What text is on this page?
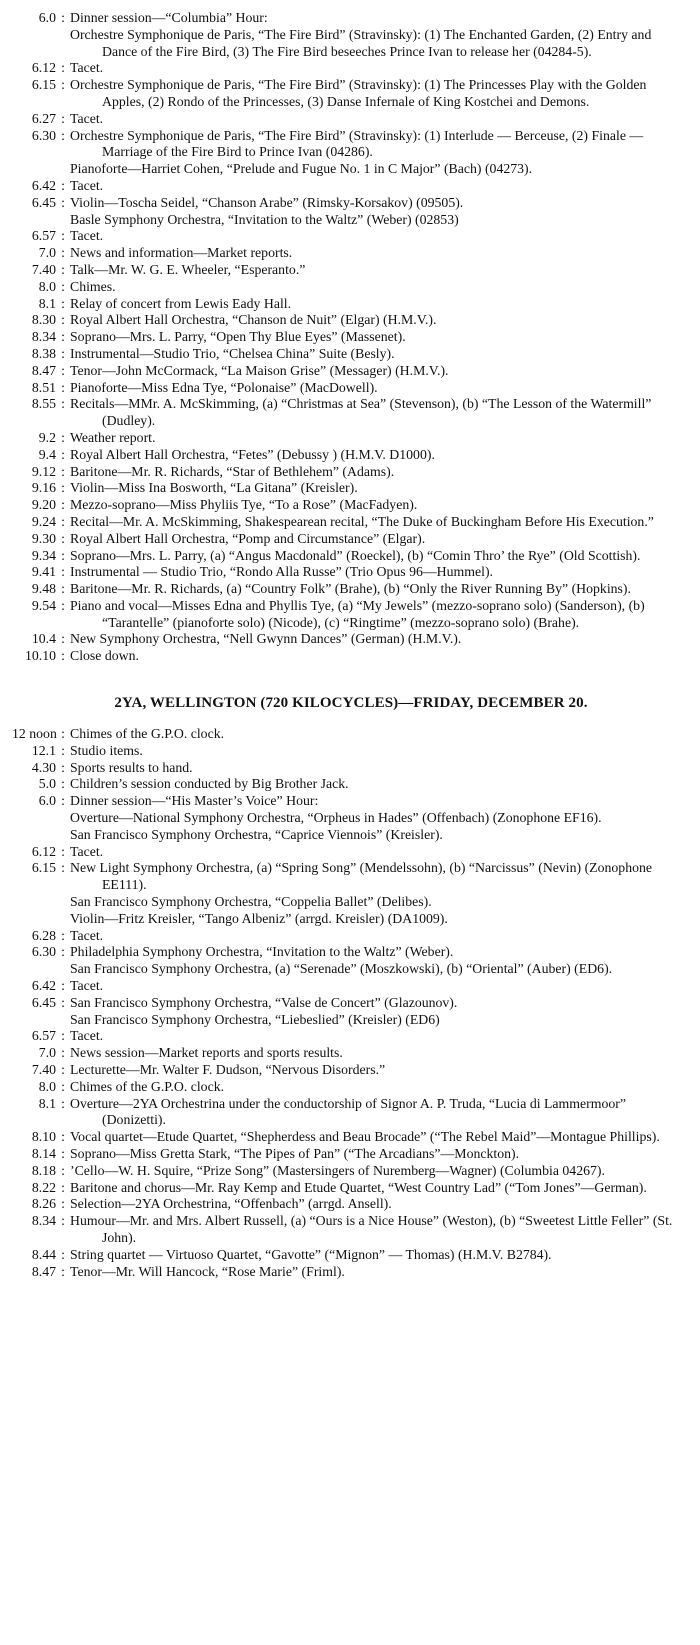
6.0 : Dinner session—“Columbia” Hour:
Orchestre Symphonique de Paris, “The Fire Bird” (Stravinsky): (1) The Enchanted Garden, (2) Entry and Dance of the Fire Bird, (3) The Fire Bird beseeches Prince Ivan to release her (04284-5).
6.12 : Tacet.
6.15 : Orchestre Symphonique de Paris, “The Fire Bird” (Stravinsky): (1) The Princesses Play with the Golden Apples, (2) Rondo of the Princesses, (3) Danse Infernale of King Kostchei and Demons.
6.27 : Tacet.
6.30 : Orchestre Symphonique de Paris, “The Fire Bird” (Stravinsky): (1) Interlude — Berceuse, (2) Finale — Marriage of the Fire Bird to Prince Ivan (04286).
Pianoforte—Harriet Cohen, “Prelude and Fugue No. 1 in C Major” (Bach) (04273).
6.42 : Tacet.
6.45 : Violin—Toscha Seidel, “Chanson Arabe” (Rimsky-Korsakov) (09505).
Basle Symphony Orchestra, “Invitation to the Waltz” (Weber) (02853)
6.57 : Tacet.
7.0 : News and information—Market reports.
7.40 : Talk—Mr. W. G. E. Wheeler, “Esperanto.”
8.0 : Chimes.
8.1 : Relay of concert from Lewis Eady Hall.
8.30 : Royal Albert Hall Orchestra, “Chanson de Nuit” (Elgar) (H.M.V.).
8.34 : Soprano—Mrs. L. Parry, “Open Thy Blue Eyes” (Massenet).
8.38 : Instrumental—Studio Trio, “Chelsea China” Suite (Besly).
8.47 : Tenor—John McCormack, “La Maison Grise” (Messager) (H.M.V.).
8.51 : Pianoforte—Miss Edna Tye, “Polonaise” (MacDowell).
8.55 : Recitals—MMr. A. McSkimming, (a) “Christmas at Sea” (Stevenson), (b) “The Lesson of the Watermill” (Dudley).
9.2 : Weather report.
9.4 : Royal Albert Hall Orchestra, “Fetes” (Debussy ) (H.M.V. D1000).
9.12 : Baritone—Mr. R. Richards, “Star of Bethlehem” (Adams).
9.16 : Violin—Miss Ina Bosworth, “La Gitana” (Kreisler).
9.20 : Mezzo-soprano—Miss Phyliis Tye, “To a Rose” (MacFadyen).
9.24 : Recital—Mr. A. McSkimming, Shakespearean recital, “The Duke of Buckingham Before His Execution.”
9.30 : Royal Albert Hall Orchestra, “Pomp and Circumstance” (Elgar).
9.34 : Soprano—Mrs. L. Parry, (a) “Angus Macdonald” (Roeckel), (b) “Comin Thro’ the Rye” (Old Scottish).
9.41 : Instrumental — Studio Trio, “Rondo Alla Russe” (Trio Opus 96—Hummel).
9.48 : Baritone—Mr. R. Richards, (a) “Country Folk” (Brahe), (b) “Only the River Running By” (Hopkins).
9.54 : Piano and vocal—Misses Edna and Phyllis Tye, (a) “My Jewels” (mezzo-soprano solo) (Sanderson), (b) “Tarantelle” (pianoforte solo) (Nicode), (c) “Ringtime” (mezzo-soprano solo) (Brahe).
10.4 : New Symphony Orchestra, “Nell Gwynn Dances” (German) (H.M.V.).
10.10 : Close down.
2YA, WELLINGTON (720 KILOCYCLES)—FRIDAY, DECEMBER 20.
12 noon : Chimes of the G.P.O. clock.
12.1 : Studio items.
4.30 : Sports results to hand.
5.0 : Children’s session conducted by Big Brother Jack.
6.0 : Dinner session—“His Master’s Voice” Hour:
Overture—National Symphony Orchestra, “Orpheus in Hades” (Offenbach) (Zonophone EF16).
San Francisco Symphony Orchestra, “Caprice Viennois” (Kreisler).
6.12 : Tacet.
6.15 : New Light Symphony Orchestra, (a) “Spring Song” (Mendelssohn), (b) “Narcissus” (Nevin) (Zonophone EE111).
San Francisco Symphony Orchestra, “Coppelia Ballet” (Delibes).
Violin—Fritz Kreisler, “Tango Albeniz” (arrgd. Kreisler) (DA1009).
6.28 : Tacet.
6.30 : Philadelphia Symphony Orchestra, “Invitation to the Waltz” (Weber).
San Francisco Symphony Orchestra, (a) “Serenade” (Moszkowski), (b) “Oriental” (Auber) (ED6).
6.42 : Tacet.
6.45 : San Francisco Symphony Orchestra, “Valse de Concert” (Glazounov).
San Francisco Symphony Orchestra, “Liebeslied” (Kreisler) (ED6)
6.57 : Tacet.
7.0 : News session—Market reports and sports results.
7.40 : Lecturette—Mr. Walter F. Dudson, “Nervous Disorders.”
8.0 : Chimes of the G.P.O. clock.
8.1 : Overture—2YA Orchestrina under the conductorship of Signor A. P. Truda, “Lucia di Lammermoor” (Donizetti).
8.10 : Vocal quartet—Etude Quartet, “Shepherdess and Beau Brocade” (“The Rebel Maid”—Montague Phillips).
8.14 : Soprano—Miss Gretta Stark, “The Pipes of Pan” (“The Arcadians”—Monckton).
8.18 : ’Cello—W. H. Squire, “Prize Song” (Mastersingers of Nuremberg—Wagner) (Columbia 04267).
8.22 : Baritone and chorus—Mr. Ray Kemp and Etude Quartet, “West Country Lad” (“Tom Jones”—German).
8.26 : Selection—2YA Orchestrina, “Offenbach” (arrgd. Ansell).
8.34 : Humour—Mr. and Mrs. Albert Russell, (a) “Ours is a Nice House” (Weston), (b) “Sweetest Little Feller” (St. John).
8.44 : String quartet — Virtuoso Quartet, “Gavotte” (“Mignon” — Thomas) (H.M.V. B2784).
8.47 : Tenor—Mr. Will Hancock, “Rose Marie” (Friml).
